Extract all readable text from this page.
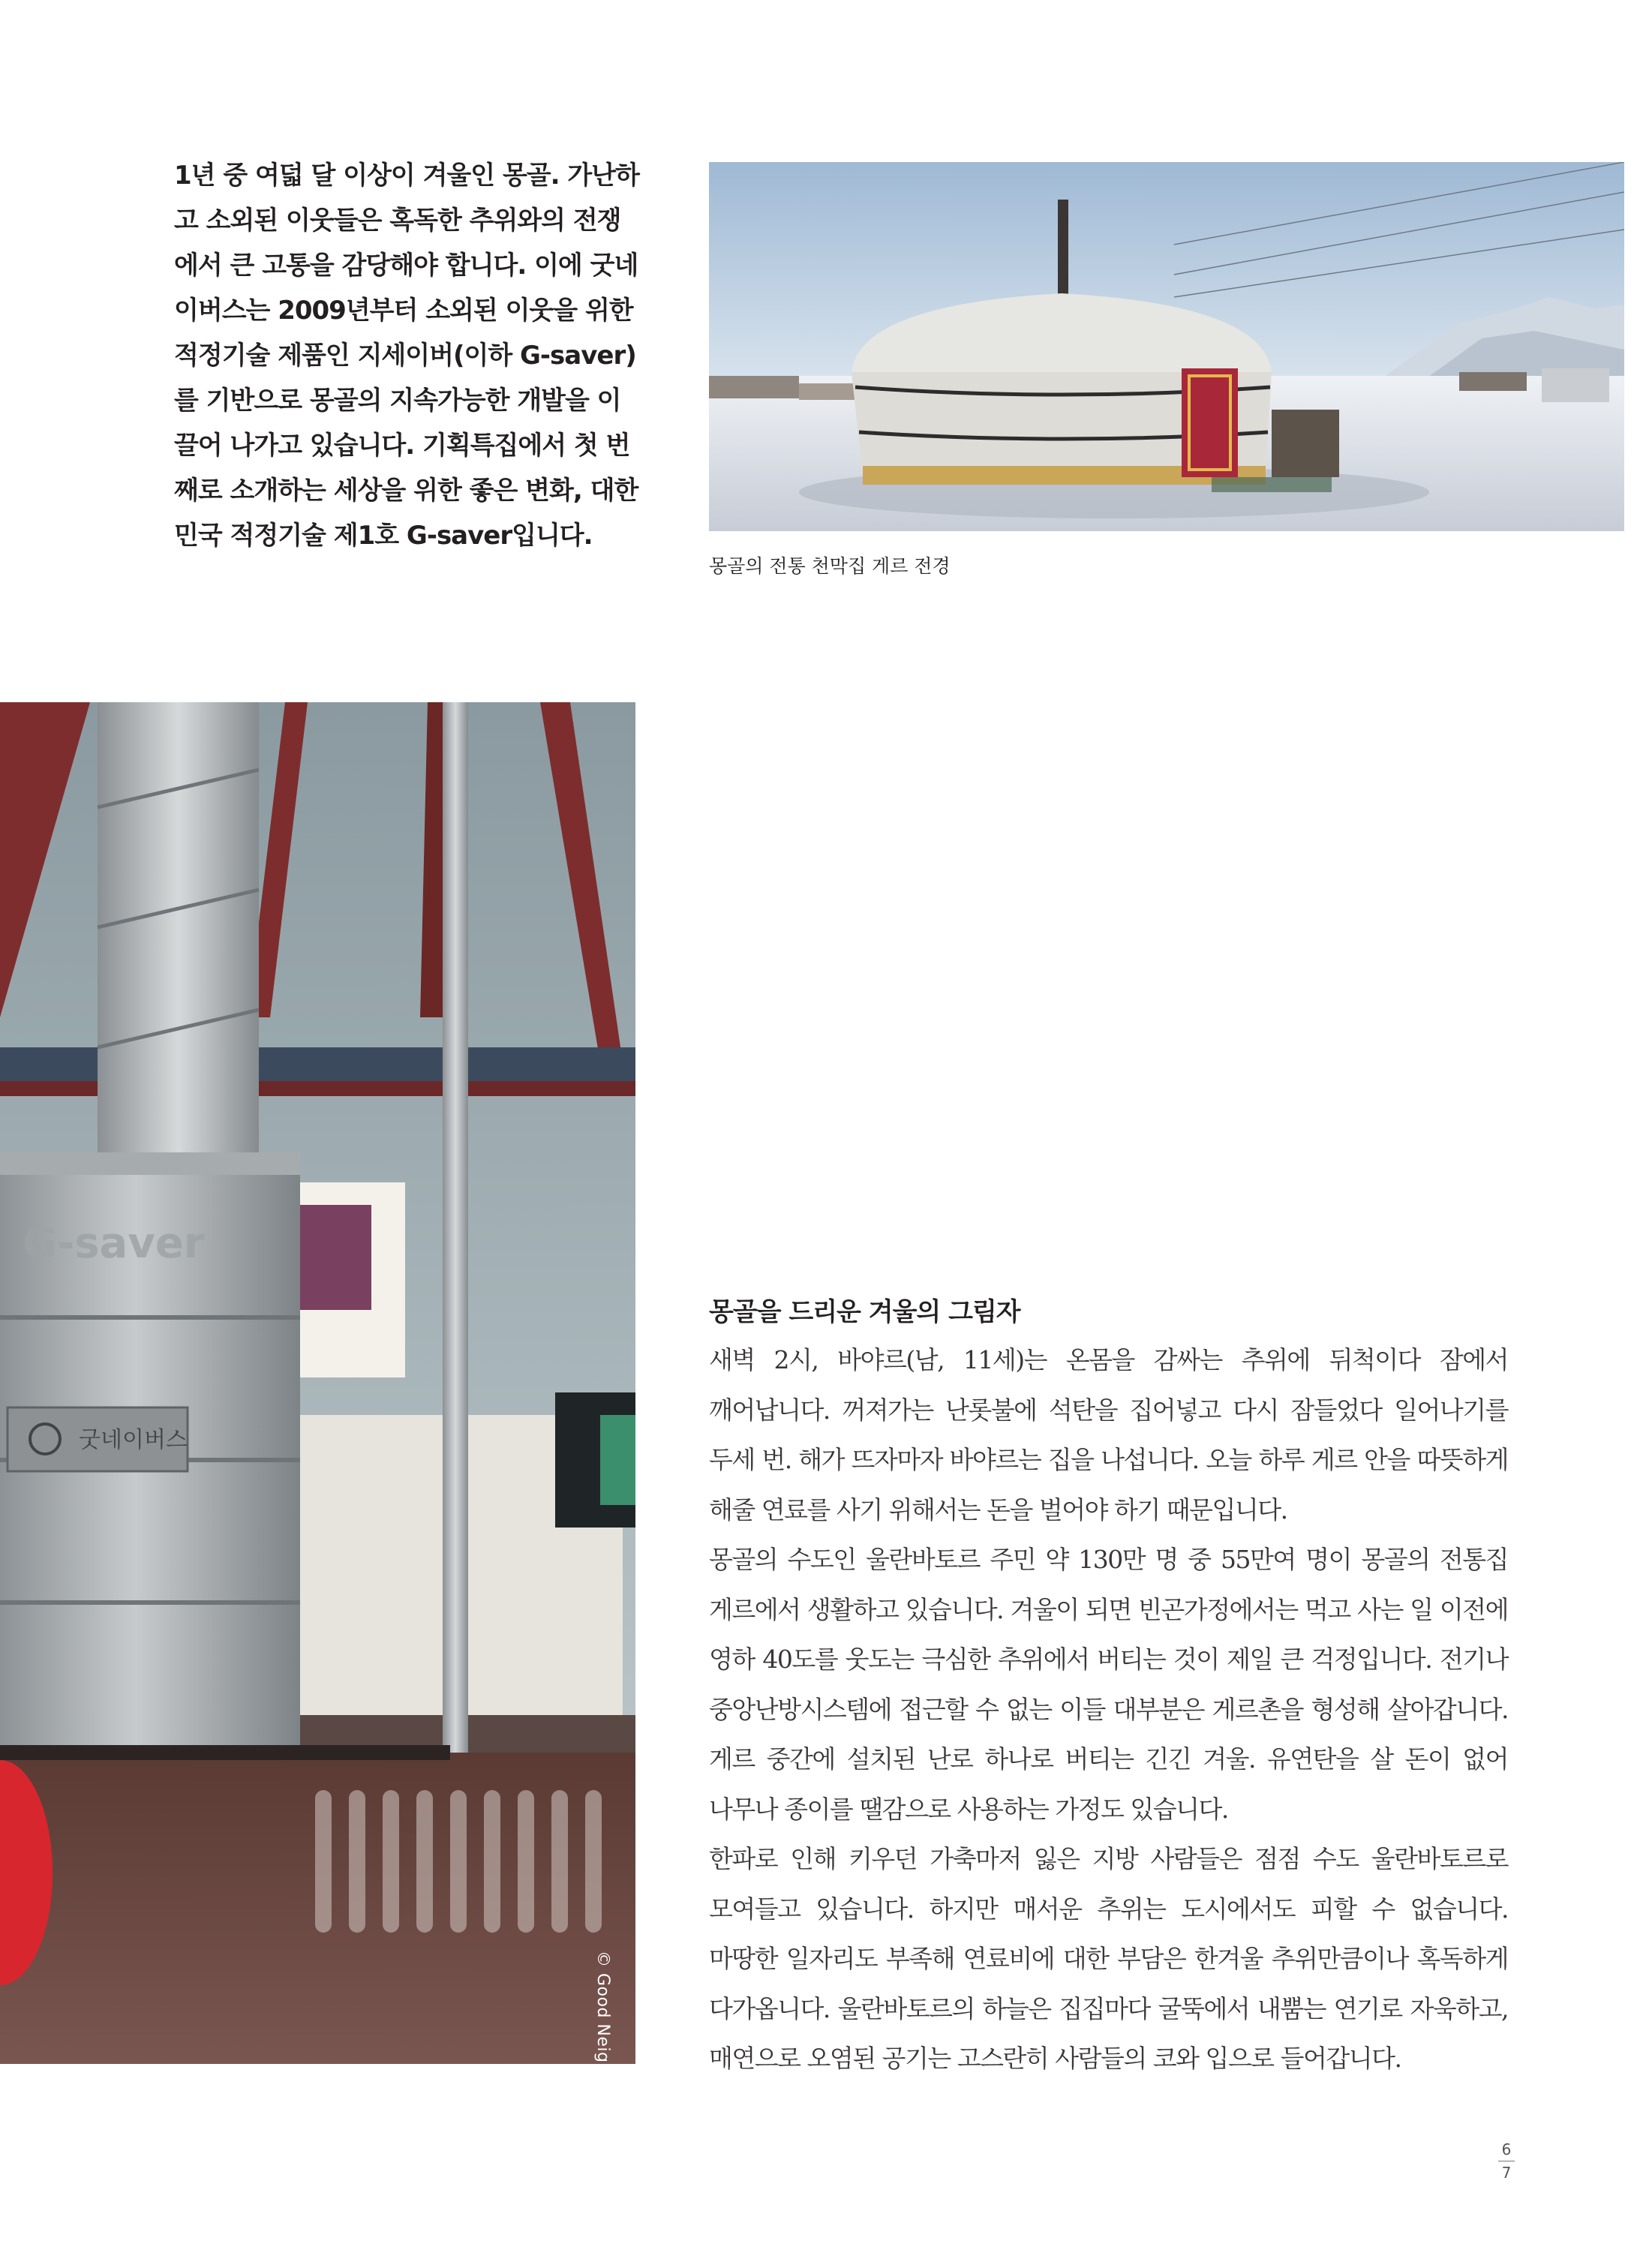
1년 중 여덟 달 이상이 겨울인 몽골. 가난하

고 소외된 이웃들은 혹독한 추위와의 전쟁

에서 큰 고통을 감당해야 합니다. 이에 굿네

이버스는 2009년부터 소외된 이웃을 위한

적정기술 제품인 지세이버(이하 G-saver)

를 기반으로 몽골의 지속가능한 개발을 이

끌어 나가고 있습니다. 기획특집에서 첫 번

째로 소개하는 세상을 위한 좋은 변화, 대한

민국 적정기술 제1호 G-saver입니다.

몽골의 전통 천막집 게르 전경
G-saver
굿네이버스
© Good Neighbors
몽골을 드리운 겨울의 그림자

새벽 2시, 바야르(남, 11세)는 온몸을 감싸는 추위에 뒤척이다 잠에서 깨어납니다. 꺼져가는 난롯불에 석탄을 집어넣고 다시 잠들었다 일어나기를 두세 번. 해가 뜨자마자 바야르는 집을 나섭니다. 오늘 하루 게르 안을 따뜻하게 해줄 연료를 사기 위해서는 돈을 벌어야 하기 때문입니다.

몽골의 수도인 울란바토르 주민 약 130만 명 중 55만여 명이 몽골의 전통집 게르에서 생활하고 있습니다. 겨울이 되면 빈곤가정에서는 먹고 사는 일 이전에 영하 40도를 웃도는 극심한 추위에서 버티는 것이 제일 큰 걱정입니다. 전기나 중앙난방시스템에 접근할 수 없는 이들 대부분은 게르촌을 형성해 살아갑니다. 게르 중간에 설치된 난로 하나로 버티는 긴긴 겨울. 유연탄을 살 돈이 없어 나무나 종이를 땔감으로 사용하는 가정도 있습니다.

한파로 인해 키우던 가축마저 잃은 지방 사람들은 점점 수도 울란바토르로 모여들고 있습니다. 하지만 매서운 추위는 도시에서도 피할 수 없습니다. 마땅한 일자리도 부족해 연료비에 대한 부담은 한겨울 추위만큼이나 혹독하게 다가옵니다. 울란바토르의 하늘은 집집마다 굴뚝에서 내뿜는 연기로 자욱하고, 매연으로 오염된 공기는 고스란히 사람들의 코와 입으로 들어갑니다.

6
7
